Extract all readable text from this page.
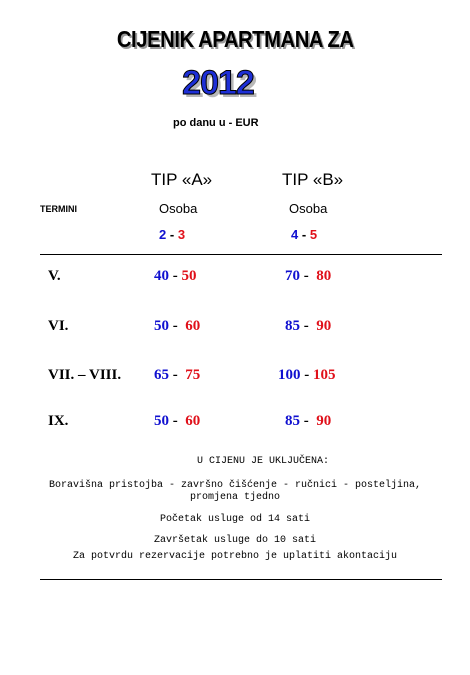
CIJENIK APARTMANA ZA
2012
po danu u - EUR
TIP «A»	TIP «B»
TERMINI	Osoba	Osoba
2 - 3	4 - 5
V.	40 - 50	70 -  80
VI.	50 -  60	85 -  90
VII. – VIII. 65 -  75	100 - 105
IX.	50 -  60	85 -  90
U CIJENU JE UKLJUČENA:
Boravišna pristojba - završno čišćenje - ručnici - posteljina,
promjena tjedno
Početak usluge od 14 sati
Završetak usluge do 10 sati
Za potvrdu rezervacije potrebno je uplatiti akontaciju
